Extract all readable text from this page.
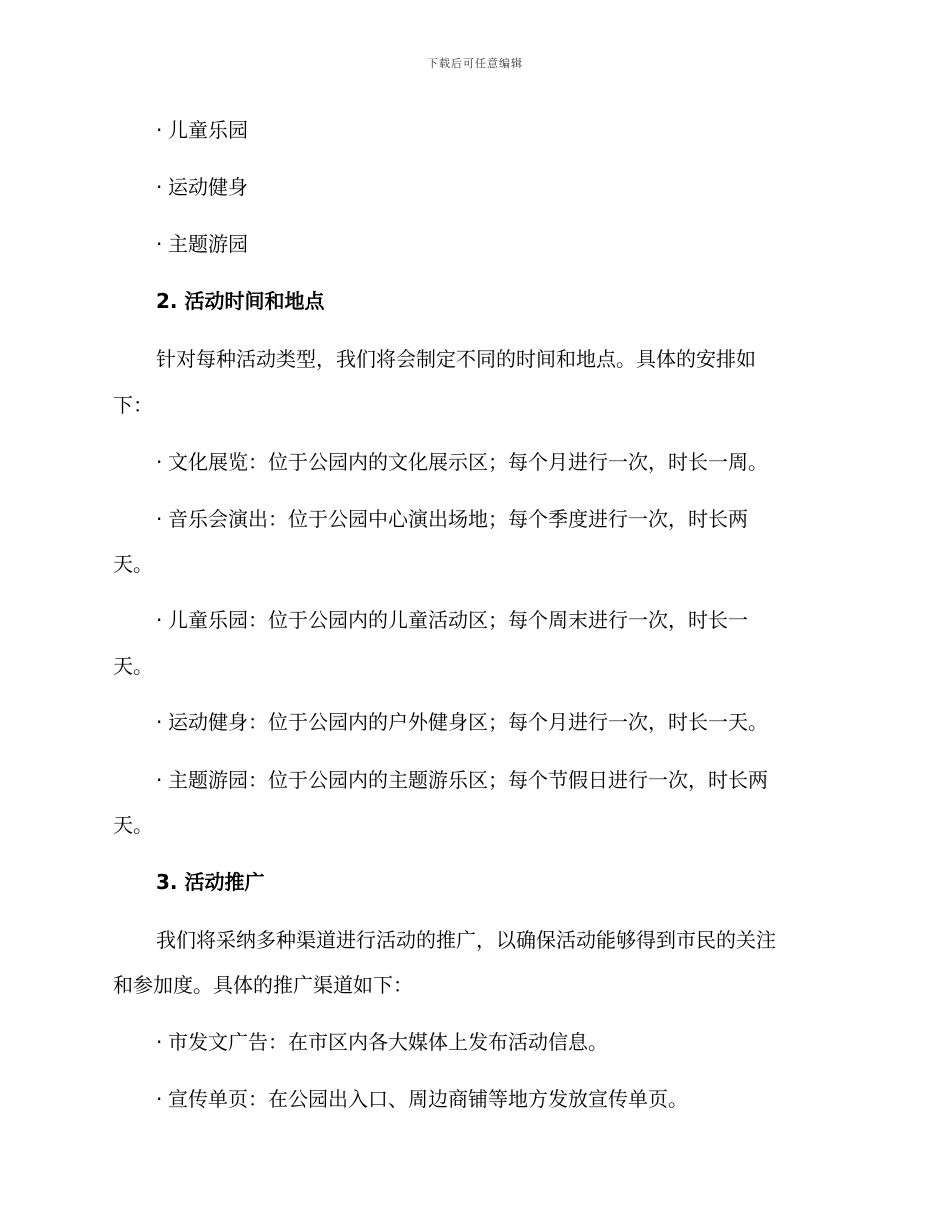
下载后可任意编辑
· 儿童乐园
· 运动健身
· 主题游园
2. 活动时间和地点
针对每种活动类型，我们将会制定不同的时间和地点。具体的安排如
下：
· 文化展览：位于公园内的文化展示区；每个月进行一次，时长一周。
· 音乐会演出：位于公园中心演出场地；每个季度进行一次，时长两
天。
· 儿童乐园：位于公园内的儿童活动区；每个周末进行一次，时长一
天。
· 运动健身：位于公园内的户外健身区；每个月进行一次，时长一天。
· 主题游园：位于公园内的主题游乐区；每个节假日进行一次，时长两
天。
3. 活动推广
我们将采纳多种渠道进行活动的推广，以确保活动能够得到市民的关注
和参加度。具体的推广渠道如下：
· 市发文广告：在市区内各大媒体上发布活动信息。
· 宣传单页：在公园出入口、周边商铺等地方发放宣传单页。
